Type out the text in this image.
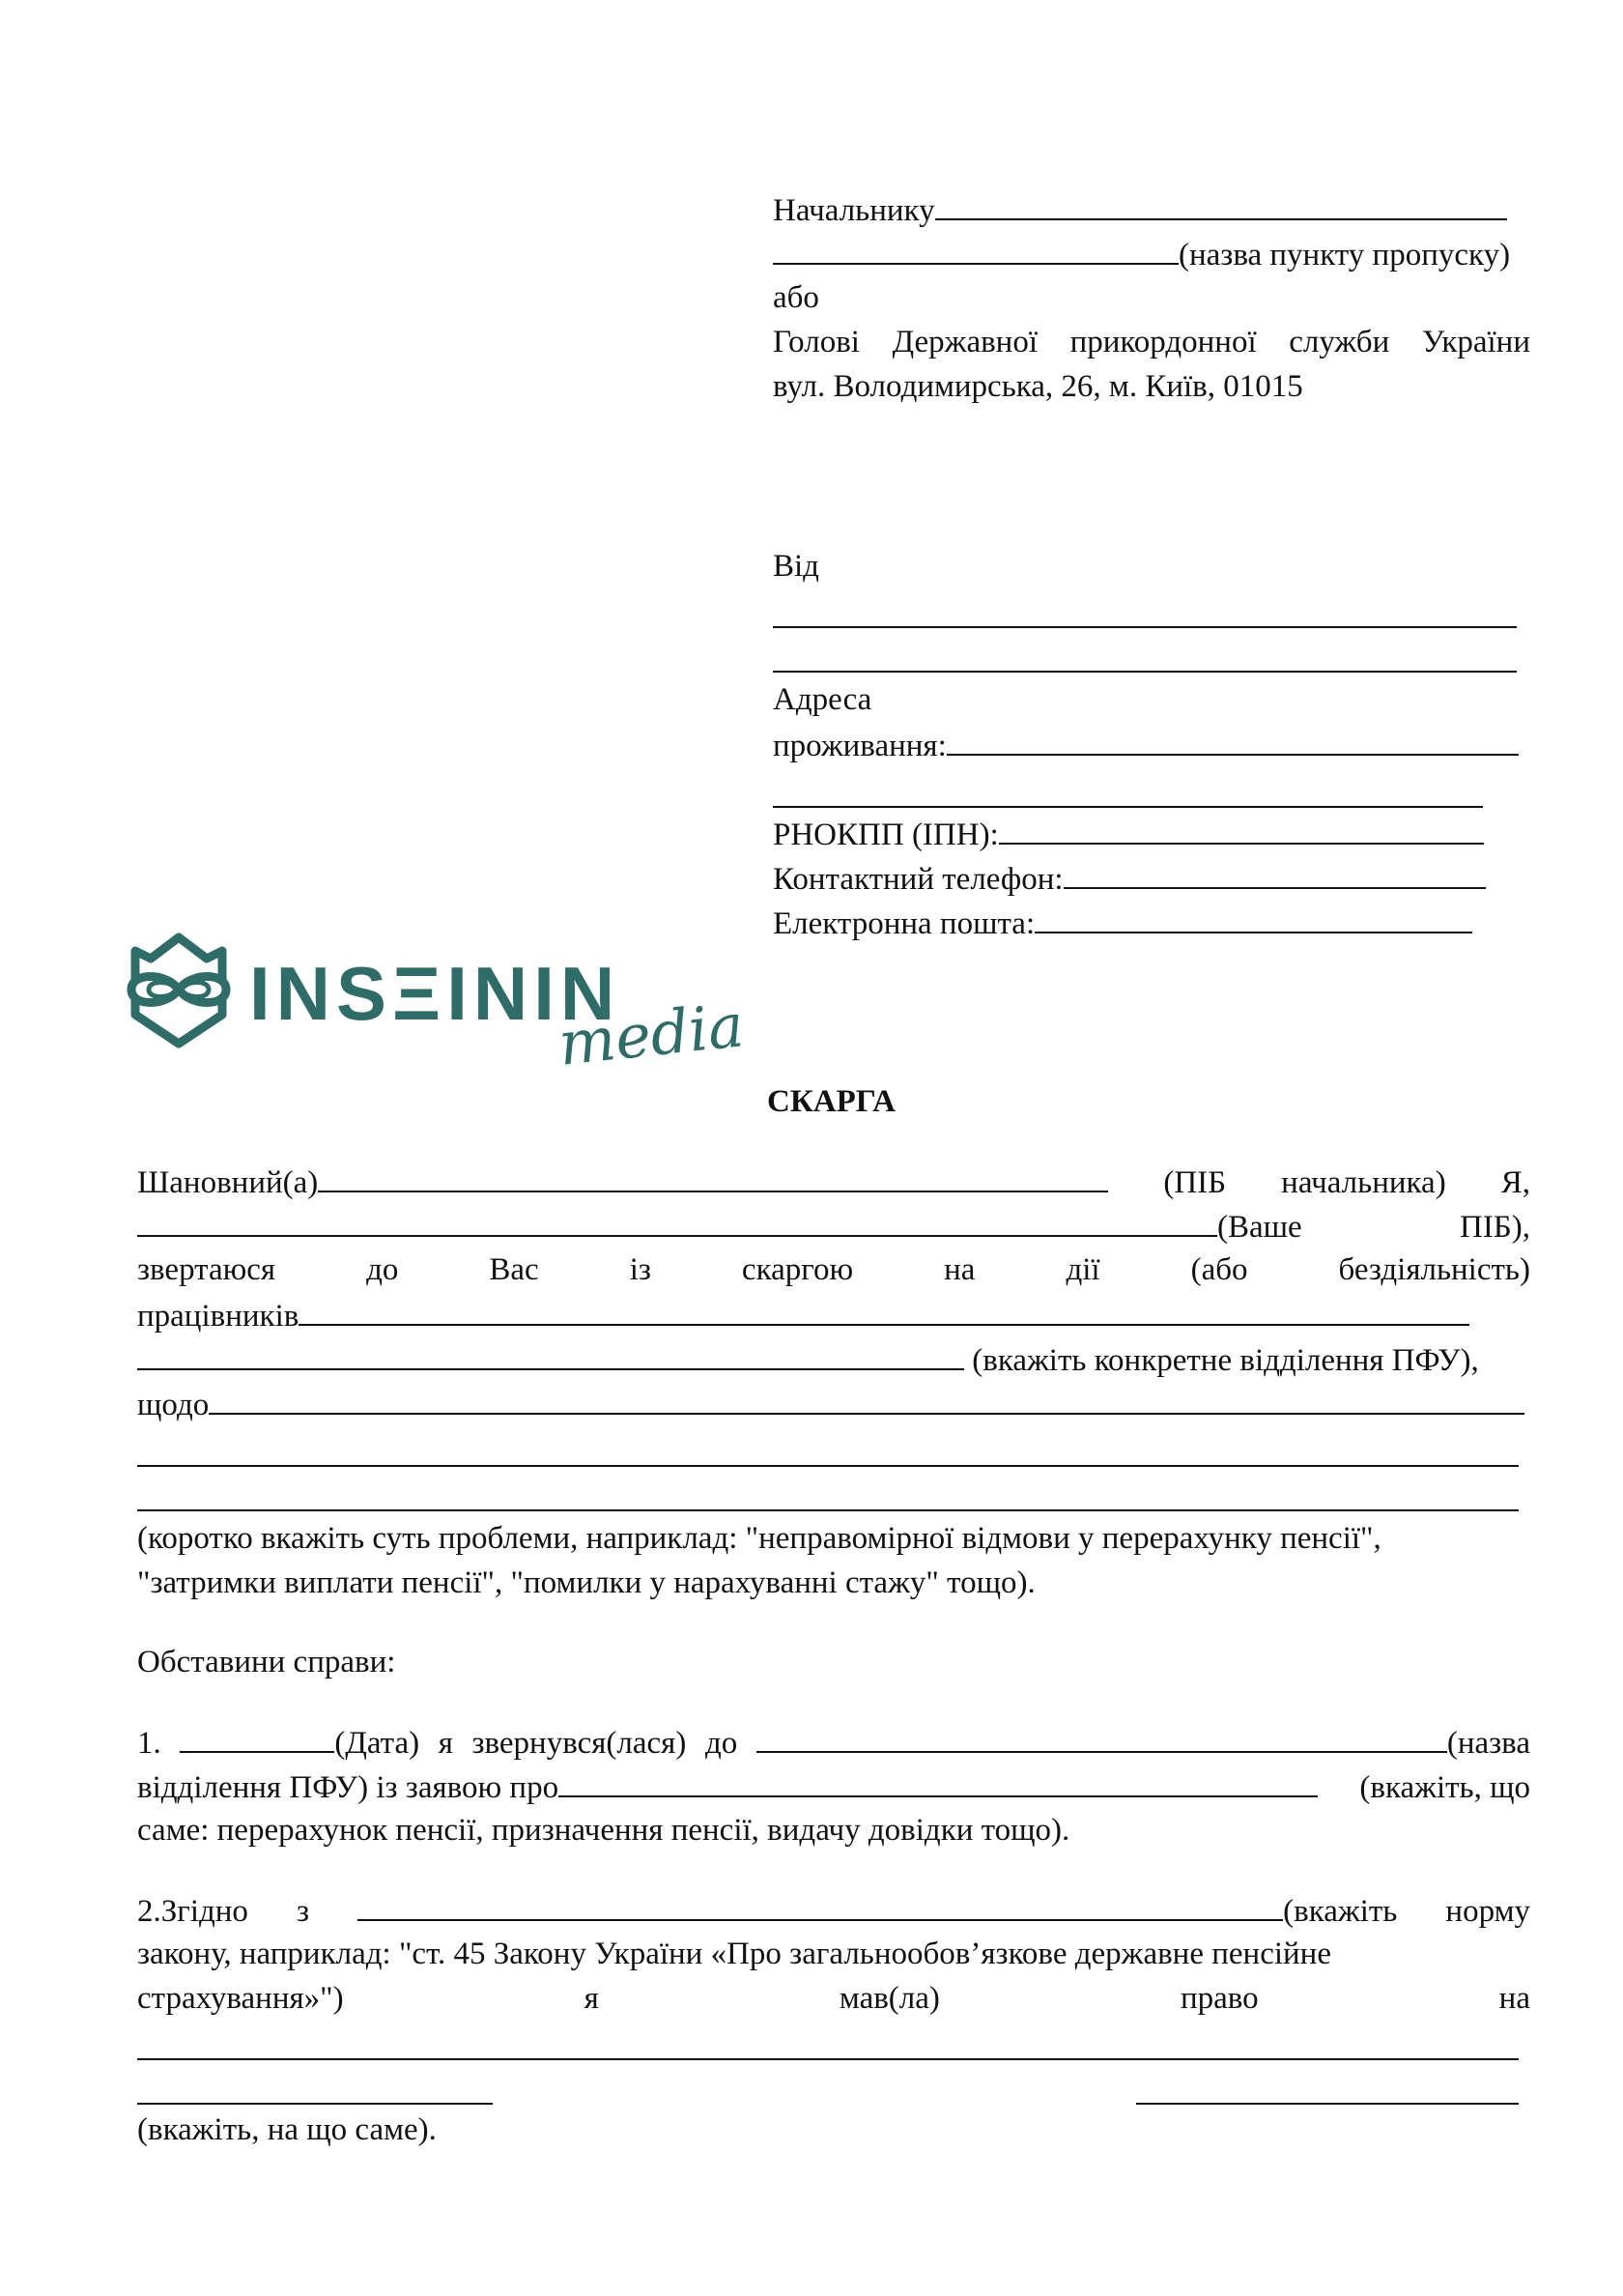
Начальнику
(назва пункту пропуску)
або
Голові Державної прикордонної служби України
вул. Володимирська, 26, м. Київ, 01015
Від
Адреса
проживання:
РНОКПП (ІПН):
Контактний телефон:
Електронна пошта:
INSΞININ
media
СКАРГА
Шановний(а)	(ПІБ начальника) Я,
(Ваше	ПІБ),
звертаюся	до	Вас	із	скаргою	на	дії	(або	бездіяльність)
працівників
(вкажіть конкретне відділення ПФУ),
щодо
(коротко вкажіть суть проблеми, наприклад: "неправомірної відмови у перерахунку пенсії",
"затримки виплати пенсії", "помилки у нарахуванні стажу" тощо).
Обставини справи:
1.	(Дата) я звернувся(лася) до	(назва
відділення ПФУ) із заявою про	(вкажіть, що
саме: перерахунок пенсії, призначення пенсії, видачу довідки тощо).
2.Згідно з	(вкажіть норму
закону, наприклад: "ст. 45 Закону України «Про загальнообов’язкове державне пенсійне
страхування»")	я	мав(ла)	право	на
(вкажіть, на що саме).
